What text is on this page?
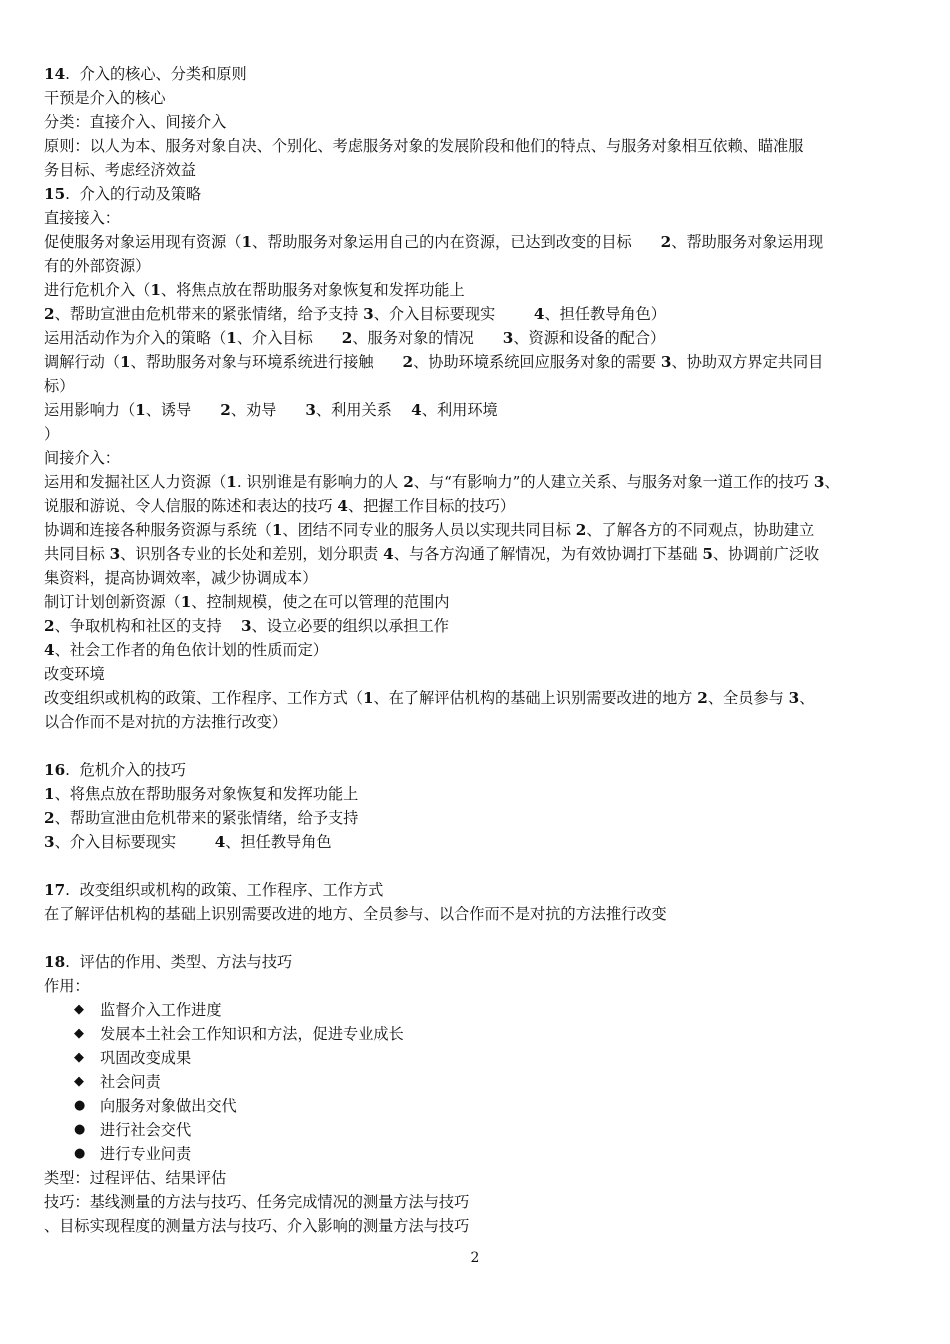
14.  介入的核心、分类和原则
干预是介入的核心
分类：直接介入、间接介入
原则：以人为本、服务对象自决、个别化、考虑服务对象的发展阶段和他们的特点、与服务对象相互依赖、瞄准服
务目标、考虑经济效益
15.  介入的行动及策略
直接接入：
促使服务对象运用现有资源（1、帮助服务对象运用自己的内在资源，已达到改变的目标      2、帮助服务对象运用现
有的外部资源）
进行危机介入（1、将焦点放在帮助服务对象恢复和发挥功能上
2、帮助宣泄由危机带来的紧张情绪，给予支持 3、介入目标要现实        4、担任教导角色）
运用活动作为介入的策略（1、介入目标      2、服务对象的情况      3、资源和设备的配合）
调解行动（1、帮助服务对象与环境系统进行接触      2、协助环境系统回应服务对象的需要 3、协助双方界定共同目
标）
运用影响力（1、诱导      2、劝导      3、利用关系    4、利用环境
）
间接介入：
运用和发掘社区人力资源（1. 识别谁是有影响力的人 2、与“有影响力”的人建立关系、与服务对象一道工作的技巧 3、
说服和游说、令人信服的陈述和表达的技巧 4、把握工作目标的技巧）
协调和连接各种服务资源与系统（1、团结不同专业的服务人员以实现共同目标 2、了解各方的不同观点，协助建立
共同目标 3、识别各专业的长处和差别，划分职责 4、与各方沟通了解情况，为有效协调打下基础 5、协调前广泛收
集资料，提高协调效率，减少协调成本）
制订计划创新资源（1、控制规模，使之在可以管理的范围内
2、争取机构和社区的支持    3、设立必要的组织以承担工作
4、社会工作者的角色依计划的性质而定）
改变环境
改变组织或机构的政策、工作程序、工作方式（1、在了解评估机构的基础上识别需要改进的地方 2、全员参与 3、
以合作而不是对抗的方法推行改变）
16.  危机介入的技巧
1、将焦点放在帮助服务对象恢复和发挥功能上
2、帮助宣泄由危机带来的紧张情绪，给予支持
3、介入目标要现实        4、担任教导角色
17.  改变组织或机构的政策、工作程序、工作方式
在了解评估机构的基础上识别需要改进的地方、全员参与、以合作而不是对抗的方法推行改变
18.  评估的作用、类型、方法与技巧
作用：
◆	监督介入工作进度
◆	发展本土社会工作知识和方法，促进专业成长
◆	巩固改变成果
◆	社会问责
● 向服务对象做出交代
● 进行社会交代
● 进行专业问责
类型：过程评估、结果评估
技巧：基线测量的方法与技巧、任务完成情况的测量方法与技巧
、目标实现程度的测量方法与技巧、介入影响的测量方法与技巧
2
